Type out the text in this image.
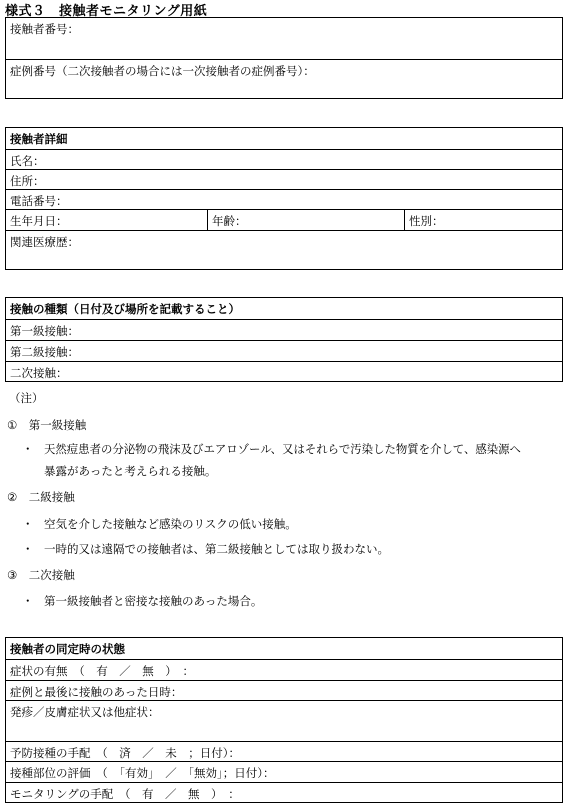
様式３　接触者モニタリング用紙
接触者番号：
症例番号（二次接触者の場合には一次接触者の症例番号）：
接触者詳細
氏名：
住所：
電話番号：
生年月日：	年齢：	性別：
関連医療歴：
接触の種類（日付及び場所を記載すること）
第一級接触：
第二級接触：
二次接触：
（注）
①　第一級接触
・ 天然痘患者の分泌物の飛沫及びエアロゾール、又はそれらで汚染した物質を介して、感染源へ
暴露があったと考えられる接触。
②　二級接触
・ 空気を介した接触など感染のリスクの低い接触。
・ 一時的又は遠隔での接触者は、第二級接触としては取り扱わない。
③　二次接触
・ 第一級接触者と密接な接触のあった場合。
接触者の同定時の状態
症状の有無　（　有　／　無　）　：
症例と最後に接触のあった日時：
発疹／皮膚症状又は他症状：
予防接種の手配　（　済　／　未　；日付）：
接種部位の評価　（　「有効」　／　「無効」；日付）：
モニタリングの手配　（　有　／　無　）　：
